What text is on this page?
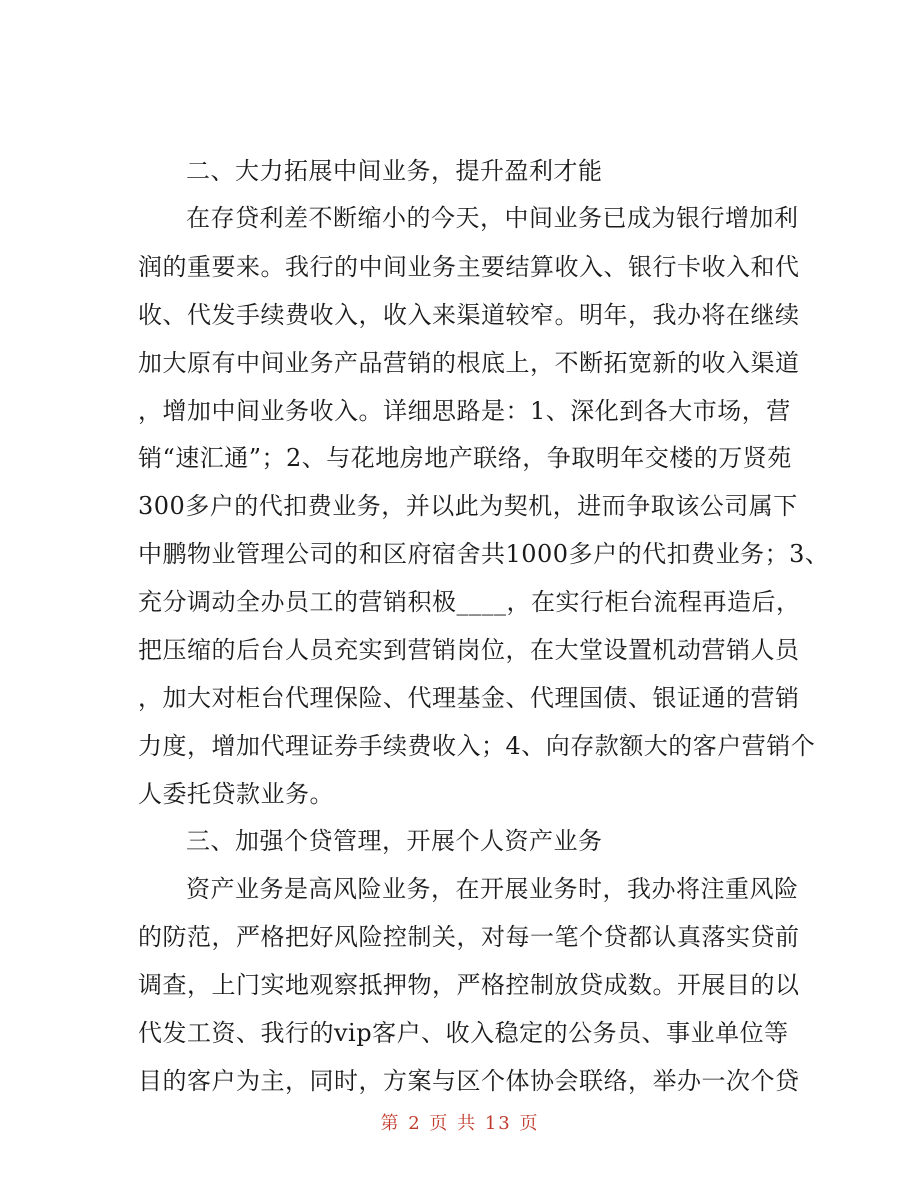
二、大力拓展中间业务，提升盈利才能
在存贷利差不断缩小的今天，中间业务已成为银行增加利
润的重要来。我行的中间业务主要结算收入、银行卡收入和代
收、代发手续费收入，收入来渠道较窄。明年，我办将在继续
加大原有中间业务产品营销的根底上，不断拓宽新的收入渠道
，增加中间业务收入。详细思路是：1、深化到各大市场，营
销“速汇通”；2、与花地房地产联络，争取明年交楼的万贤苑
300多户的代扣费业务，并以此为契机，进而争取该公司属下
中鹏物业管理公司的和区府宿舍共1000多户的代扣费业务；3、
充分调动全办员工的营销积极____，在实行柜台流程再造后，
把压缩的后台人员充实到营销岗位，在大堂设置机动营销人员
，加大对柜台代理保险、代理基金、代理国债、银证通的营销
力度，增加代理证券手续费收入；4、向存款额大的客户营销个
人委托贷款业务。
三、加强个贷管理，开展个人资产业务
资产业务是高风险业务，在开展业务时，我办将注重风险
的防范，严格把好风险控制关，对每一笔个贷都认真落实贷前
调查，上门实地观察抵押物，严格控制放贷成数。开展目的以
代发工资、我行的vip客户、收入稳定的公务员、事业单位等
目的客户为主，同时，方案与区个体协会联络，举办一次个贷
第 2 页 共 13 页
